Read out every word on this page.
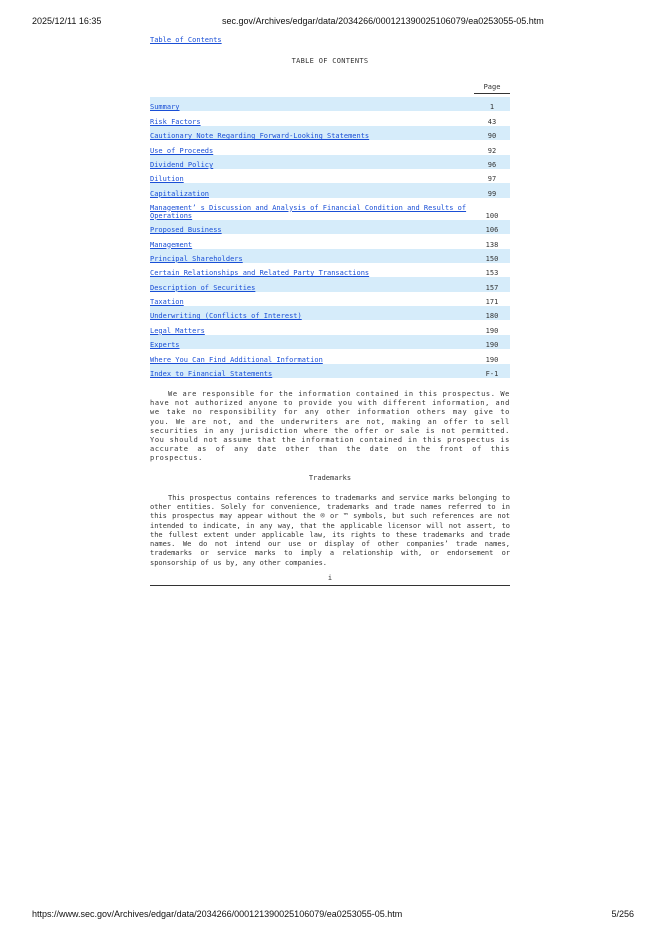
2025/12/11 16:35	sec.gov/Archives/edgar/data/2034266/000121390025106079/ea0253055-05.htm
Table of Contents
TABLE OF CONTENTS
	Page

Summary	1
Risk Factors	43
Cautionary Note Regarding Forward-Looking Statements	90
Use of Proceeds	92
Dividend Policy	96
Dilution	97
Capitalization	99
Management’ s Discussion and Analysis of Financial Condition and Results of Operations	100
Proposed Business	106
Management	138
Principal Shareholders	150
Certain Relationships and Related Party Transactions	153
Description of Securities	157
Taxation	171
Underwriting (Conflicts of Interest)	180
Legal Matters	190
Experts	190
Where You Can Find Additional Information	190
Index to Financial Statements	F-1
We are responsible for the information contained in this prospectus. We have not authorized anyone to provide you with different information, and we take no responsibility for any other information others may give to you. We are not, and the underwriters are not, making an offer to sell securities in any jurisdiction where the offer or sale is not permitted. You should not assume that the information contained in this prospectus is accurate as of any date other than the date on the front of this prospectus.
Trademarks
This prospectus contains references to trademarks and service marks belonging to other entities. Solely for convenience, trademarks and trade names referred to in this prospectus may appear without the ® or ™ symbols, but such references are not intended to indicate, in any way, that the applicable licensor will not assert, to the fullest extent under applicable law, its rights to these trademarks and trade names. We do not intend our use or display of other companies’ trade names, trademarks or service marks to imply a relationship with, or endorsement or sponsorship of us by, any other companies.
i
https://www.sec.gov/Archives/edgar/data/2034266/000121390025106079/ea0253055-05.htm	5/256
